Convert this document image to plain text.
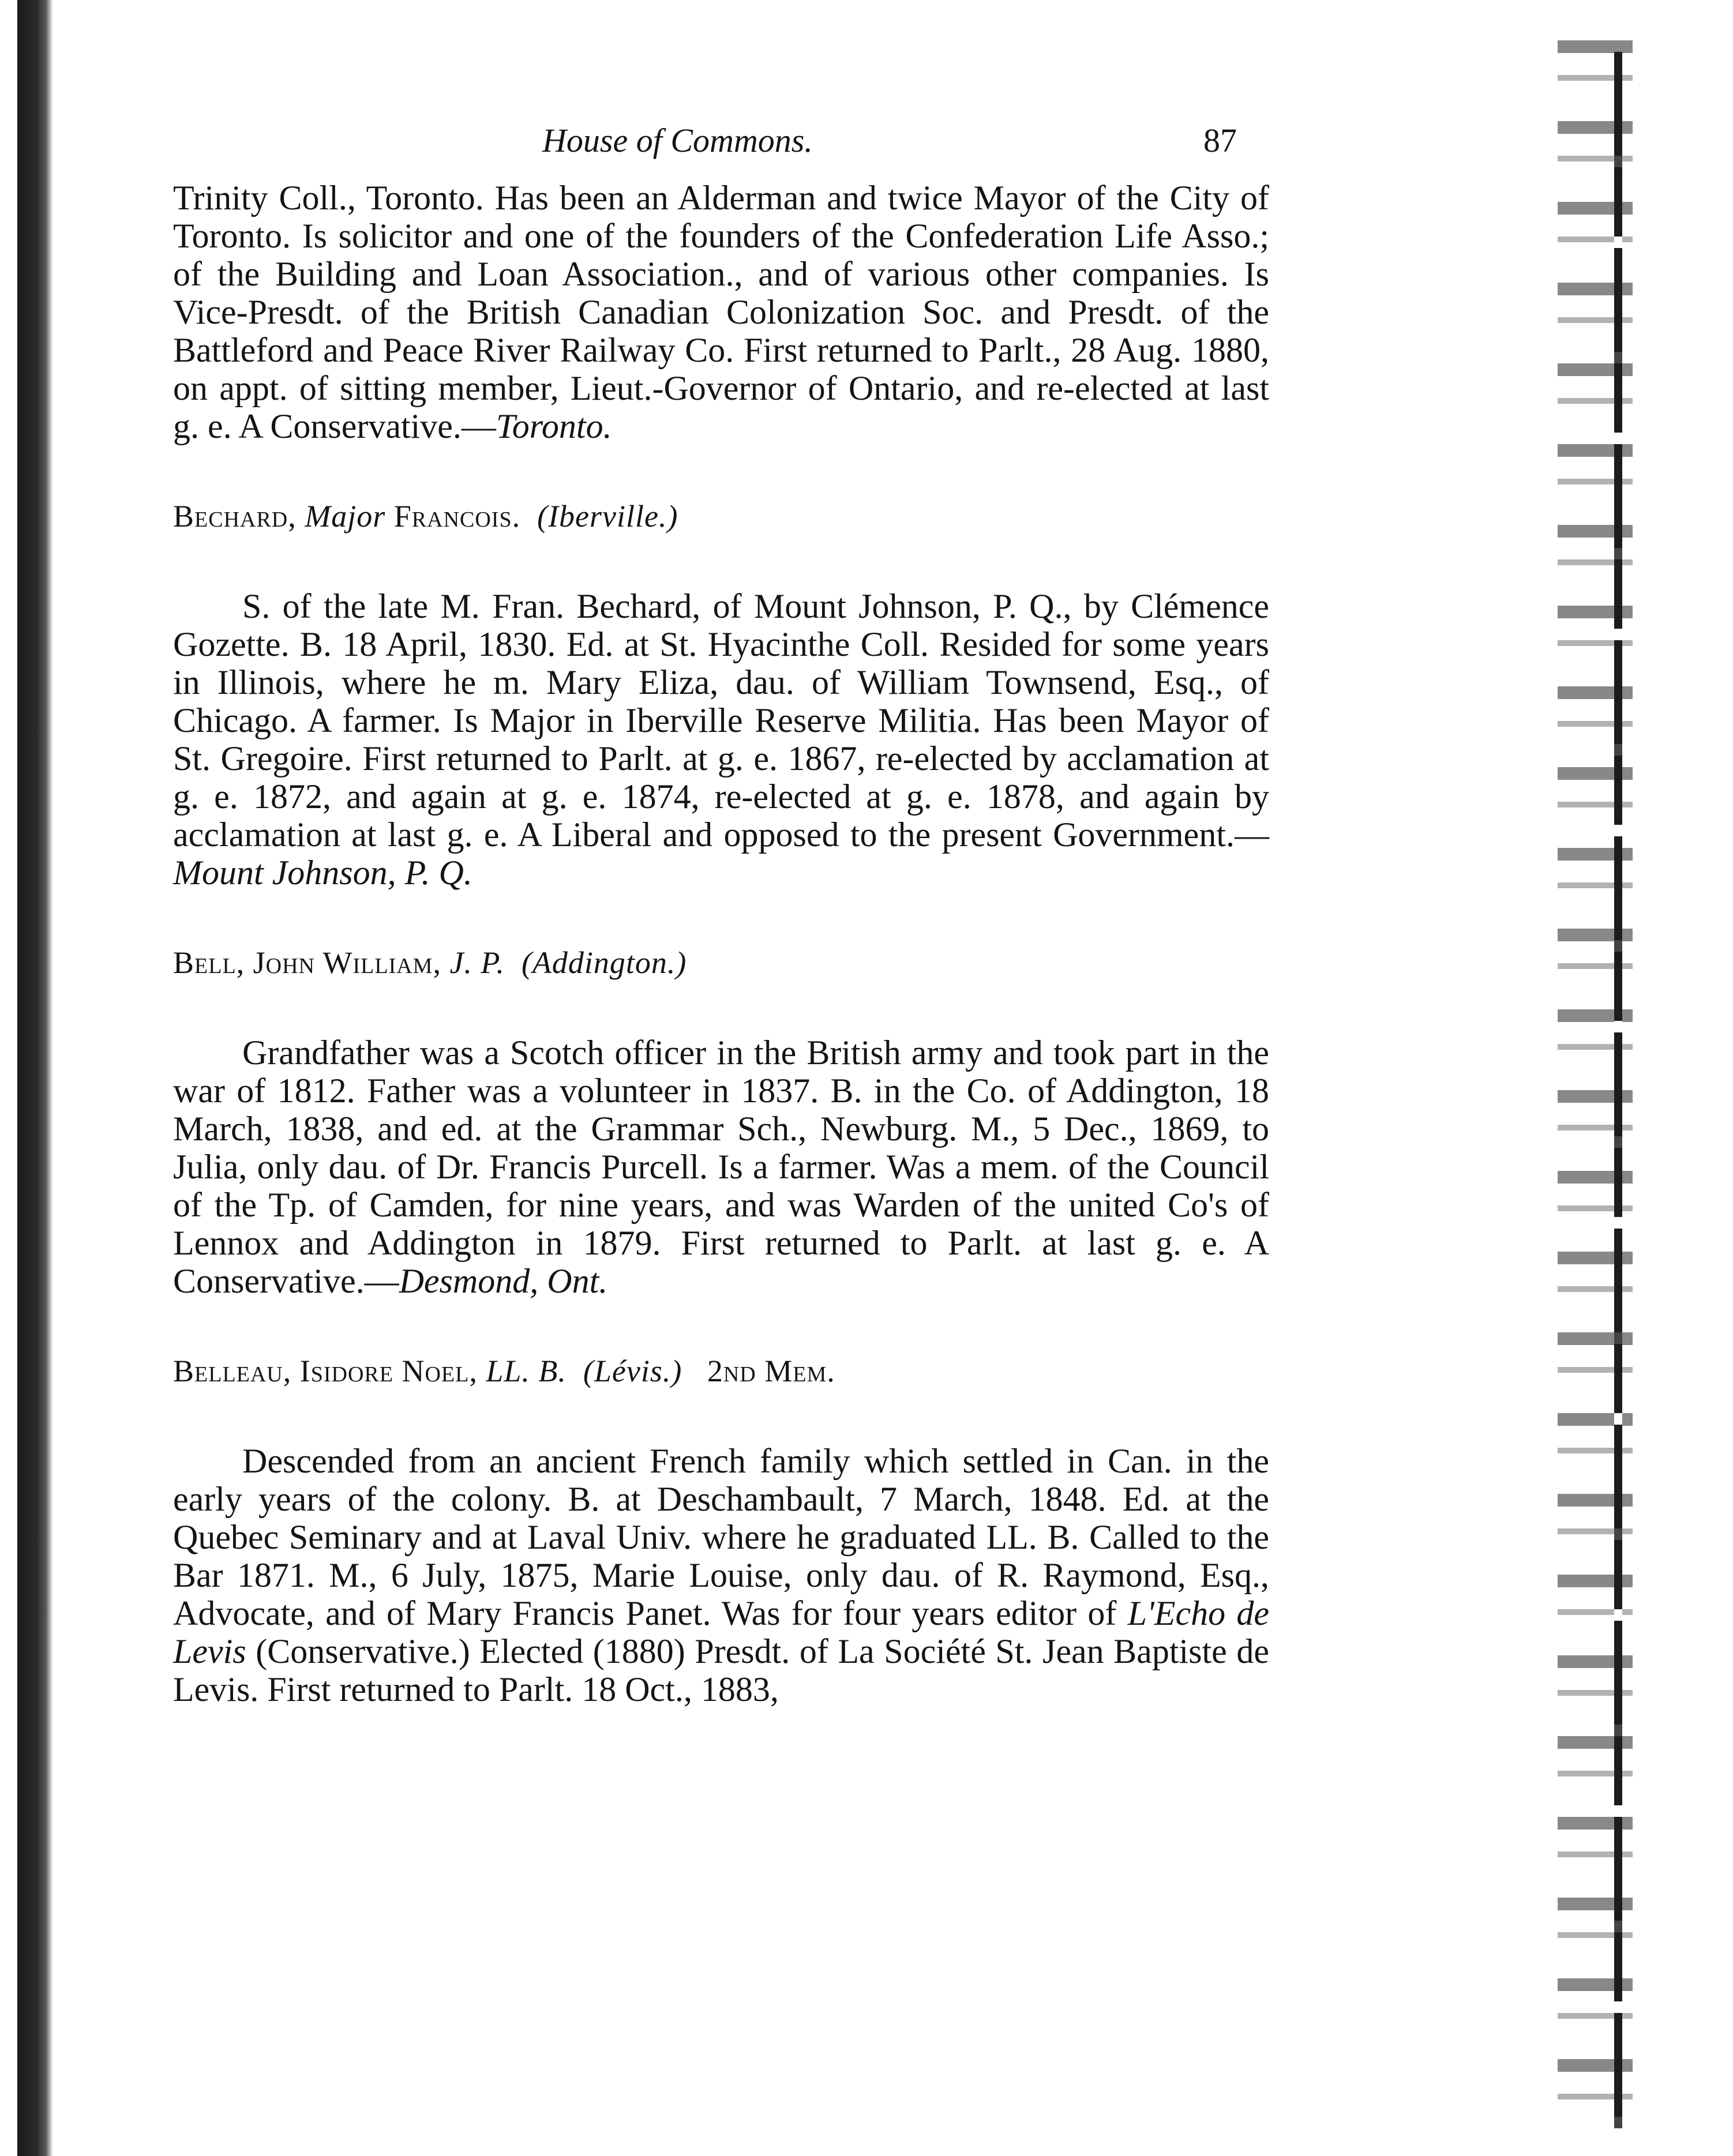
House of Commons.	87

Trinity Coll., Toronto. Has been an Alderman and twice Mayor of the City of Toronto. Is solicitor and one of the founders of the Confederation Life Asso.; of the Building and Loan Association., and of various other companies. Is Vice-Presdt. of the British Canadian Colonization Soc. and Presdt. of the Battleford and Peace River Railway Co. First returned to Parlt., 28 Aug. 1880, on appt. of sitting member, Lieut.-Governor of Ontario, and re-elected at last g. e. A Conservative.—Toronto.

Bechard, Major Francois. (Iberville.)

S. of the late M. Fran. Bechard, of Mount Johnson, P. Q., by Clémence Gozette. B. 18 April, 1830. Ed. at St. Hyacinthe Coll. Resided for some years in Illinois, where he m. Mary Eliza, dau. of William Townsend, Esq., of Chicago. A farmer. Is Major in Iberville Reserve Militia. Has been Mayor of St. Gregoire. First returned to Parlt. at g. e. 1867, re-elected by acclamation at g. e. 1872, and again at g. e. 1874, re-elected at g. e. 1878, and again by acclamation at last g. e. A Liberal and opposed to the present Government.—Mount Johnson, P. Q.

Bell, John William, J. P. (Addington.)

Grandfather was a Scotch officer in the British army and took part in the war of 1812. Father was a volunteer in 1837. B. in the Co. of Addington, 18 March, 1838, and ed. at the Grammar Sch., Newburg. M., 5 Dec., 1869, to Julia, only dau. of Dr. Francis Purcell. Is a farmer. Was a mem. of the Council of the Tp. of Camden, for nine years, and was Warden of the united Co's of Lennox and Addington in 1879. First returned to Parlt. at last g. e. A Conservative.—Desmond, Ont.

Belleau, Isidore Noel, LL. B. (Lévis.) 2nd Mem.

Descended from an ancient French family which settled in Can. in the early years of the colony. B. at Deschambault, 7 March, 1848. Ed. at the Quebec Seminary and at Laval Univ. where he graduated LL. B. Called to the Bar 1871. M., 6 July, 1875, Marie Louise, only dau. of R. Raymond, Esq., Advocate, and of Mary Francis Panet. Was for four years editor of L'Echo de Levis (Conservative.) Elected (1880) Presdt. of La Société St. Jean Baptiste de Levis. First returned to Parlt. 18 Oct., 1883,
